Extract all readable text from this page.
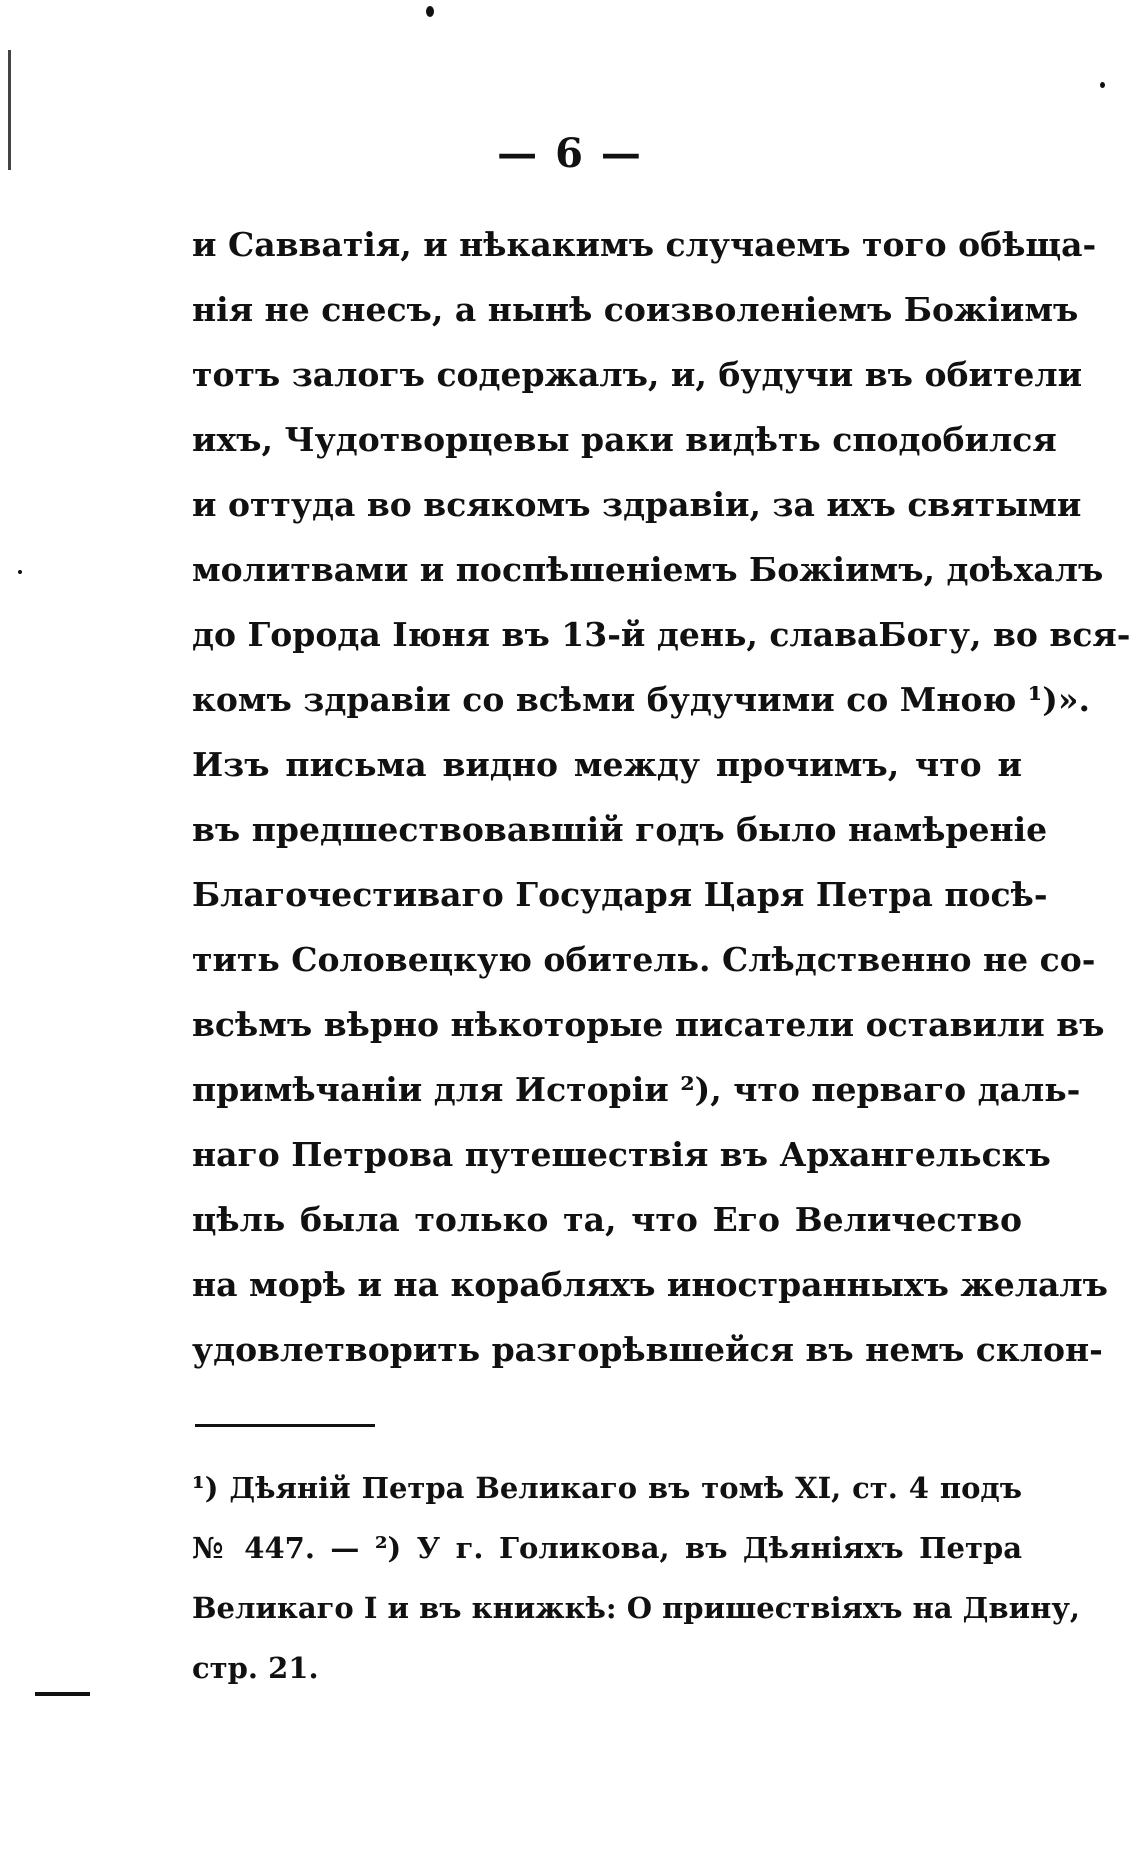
— 6 —
и Савватія, и нѣкакимъ случаемъ того обѣща-
нія не снесъ, а нынѣ соизволеніемъ Божіимъ
тотъ залогъ содержалъ, и, будучи въ обители
ихъ, Чудотворцевы раки видѣть сподобился
и оттуда во всякомъ здравіи, за ихъ святыми
молитвами и поспѣшеніемъ Божіимъ, доѣхалъ
до Города Іюня въ 13-й день, славаБогу, во вся-
комъ здравіи со всѣми будучими со Мною ¹)».
Изъ письма видно между прочимъ, что и
въ предшествовавшій годъ было намѣреніе
Благочестиваго Государя Царя Петра посѣ-
тить Соловецкую обитель. Слѣдственно не со-
всѣмъ вѣрно нѣкоторые писатели оставили въ
примѣчаніи для Исторіи ²), что перваго даль-
наго Петрова путешествія въ Архангельскъ
цѣль была только та, что Его Величество
на морѣ и на корабляхъ иностранныхъ желалъ
удовлетворить разгорѣвшейся въ немъ склон-
¹) Дѣяній Петра Великаго въ томѣ XI, ст. 4 подъ
№ 447. — ²) У г. Голикова, въ Дѣяніяхъ Петра
Великаго I и въ книжкѣ: О пришествіяхъ на Двину,
стр. 21.
